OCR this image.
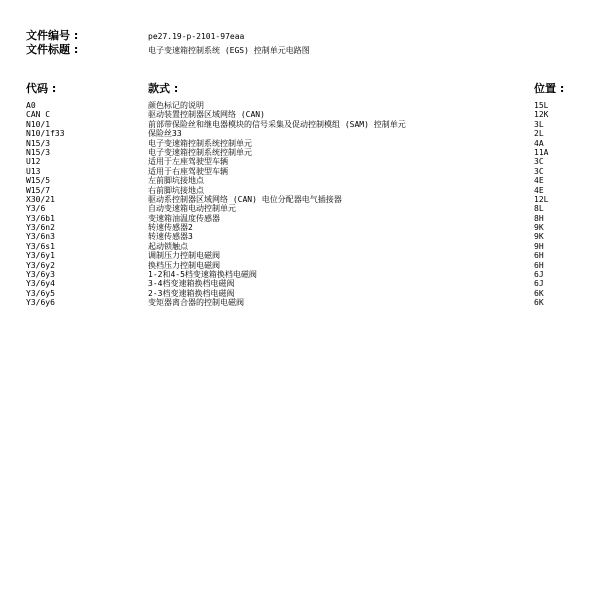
文件编号 :	pe27.19-p-2101-97eaa
文件标题 :	电子变速箱控制系统 (EGS) 控制单元电路图
代码 :	款式 :	位置 :
A0	颜色标记的说明	15L
CAN C	驱动装置控制器区域网络 (CAN)	12K
N10/1	前部带保险丝和继电器模块的信号采集及促动控制模组 (SAM) 控制单元	3L
N10/1f33	保险丝33	2L
N15/3	电子变速箱控制系统控制单元	4A
N15/3	电子变速箱控制系统控制单元	11A
U12	适用于左座驾驶型车辆	3C
U13	适用于右座驾驶型车辆	3C
W15/5	左前脚坑接地点	4E
W15/7	右前脚坑接地点	4E
X30/21	驱动系控制器区域网络 (CAN) 电位分配器电气插接器	12L
Y3/6	自动变速箱电动控制单元	8L
Y3/6b1	变速箱油温度传感器	8H
Y3/6n2	转速传感器2	9K
Y3/6n3	转速传感器3	9K
Y3/6s1	起动锁触点	9H
Y3/6y1	调制压力控制电磁阀	6H
Y3/6y2	换档压力控制电磁阀	6H
Y3/6y3	1-2和4-5档变速箱换档电磁阀	6J
Y3/6y4	3-4档变速箱换档电磁阀	6J
Y3/6y5	2-3档变速箱换档电磁阀	6K
Y3/6y6	变矩器离合器的控制电磁阀	6K
